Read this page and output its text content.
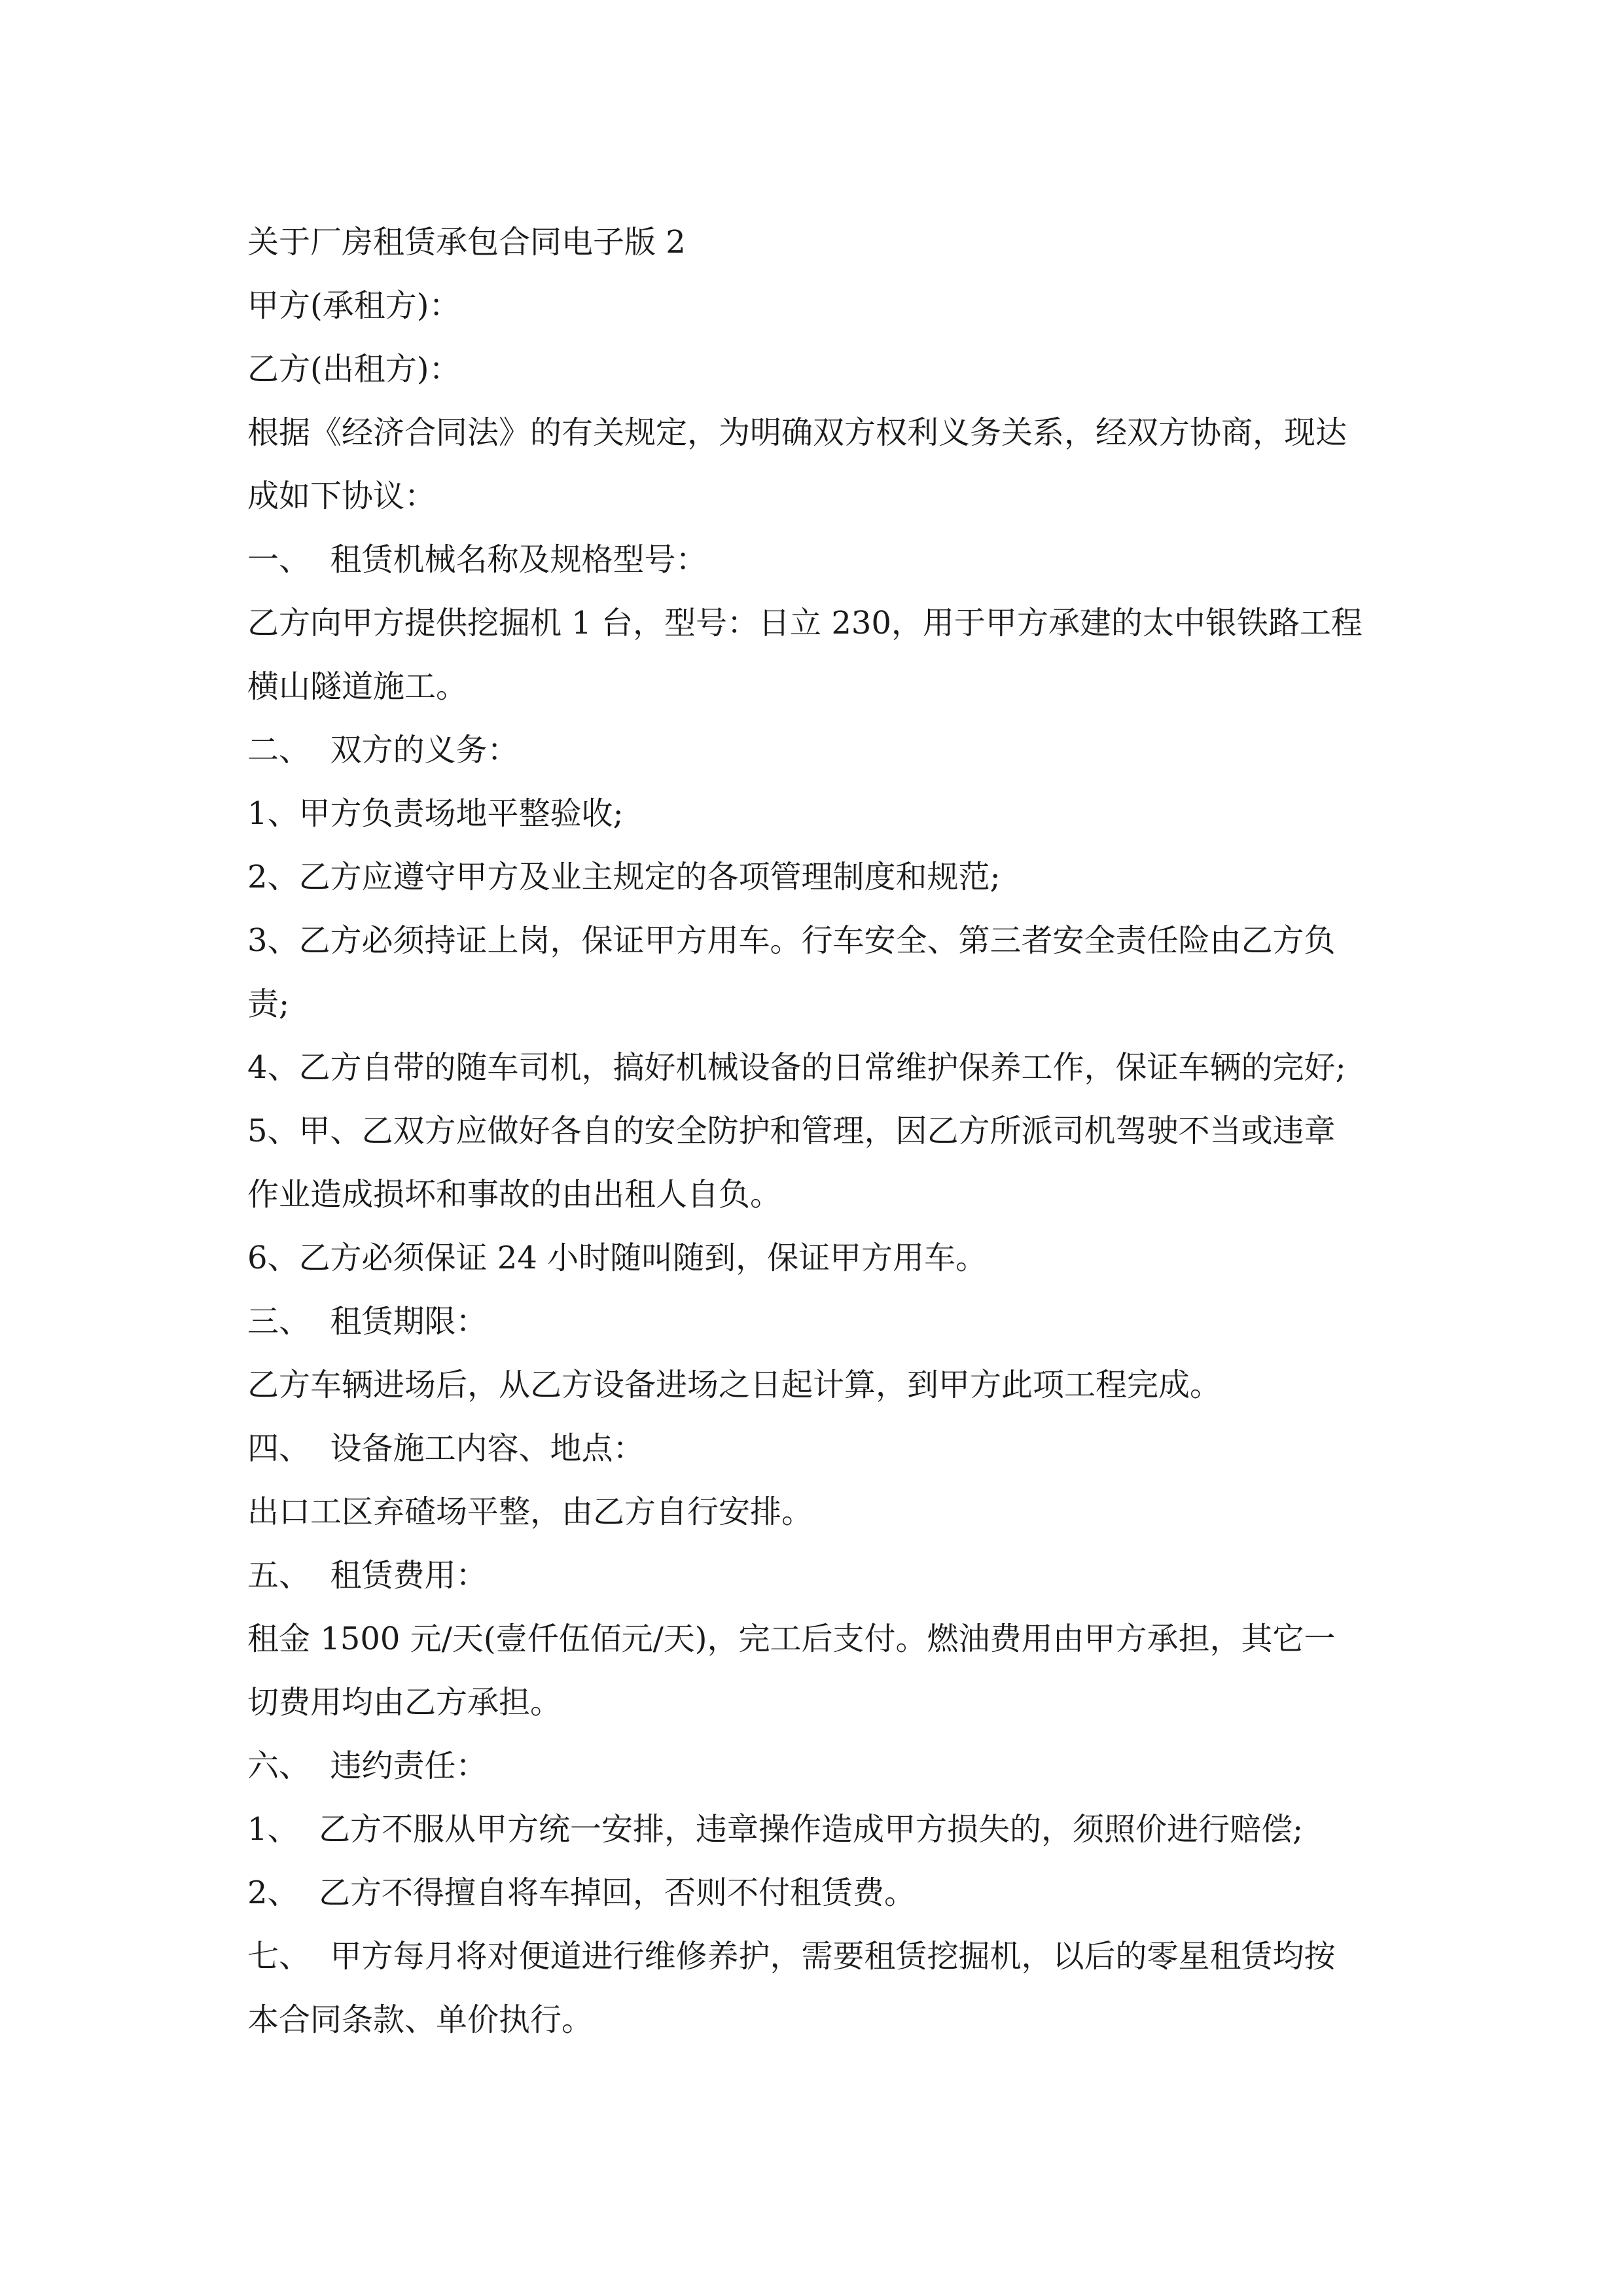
关于厂房租赁承包合同电子版 2
甲方(承租方)：
乙方(出租方)：
根据《经济合同法》的有关规定，为明确双方权利义务关系，经双方协商，现达
成如下协议：
一、  租赁机械名称及规格型号：
乙方向甲方提供挖掘机 1 台，型号：日立 230，用于甲方承建的太中银铁路工程
横山隧道施工。
二、  双方的义务：
1、甲方负责场地平整验收;
2、乙方应遵守甲方及业主规定的各项管理制度和规范;
3、乙方必须持证上岗，保证甲方用车。行车安全、第三者安全责任险由乙方负
责;
4、乙方自带的随车司机，搞好机械设备的日常维护保养工作，保证车辆的完好;
5、甲、乙双方应做好各自的安全防护和管理，因乙方所派司机驾驶不当或违章
作业造成损坏和事故的由出租人自负。
6、乙方必须保证 24 小时随叫随到，保证甲方用车。
三、  租赁期限：
乙方车辆进场后，从乙方设备进场之日起计算，到甲方此项工程完成。
四、  设备施工内容、地点：
出口工区弃碴场平整，由乙方自行安排。
五、  租赁费用：
租金 1500 元/天(壹仟伍佰元/天)，完工后支付。燃油费用由甲方承担，其它一
切费用均由乙方承担。
六、  违约责任：
1、  乙方不服从甲方统一安排，违章操作造成甲方损失的，须照价进行赔偿;
2、  乙方不得擅自将车掉回，否则不付租赁费。
七、  甲方每月将对便道进行维修养护，需要租赁挖掘机，以后的零星租赁均按
本合同条款、单价执行。
